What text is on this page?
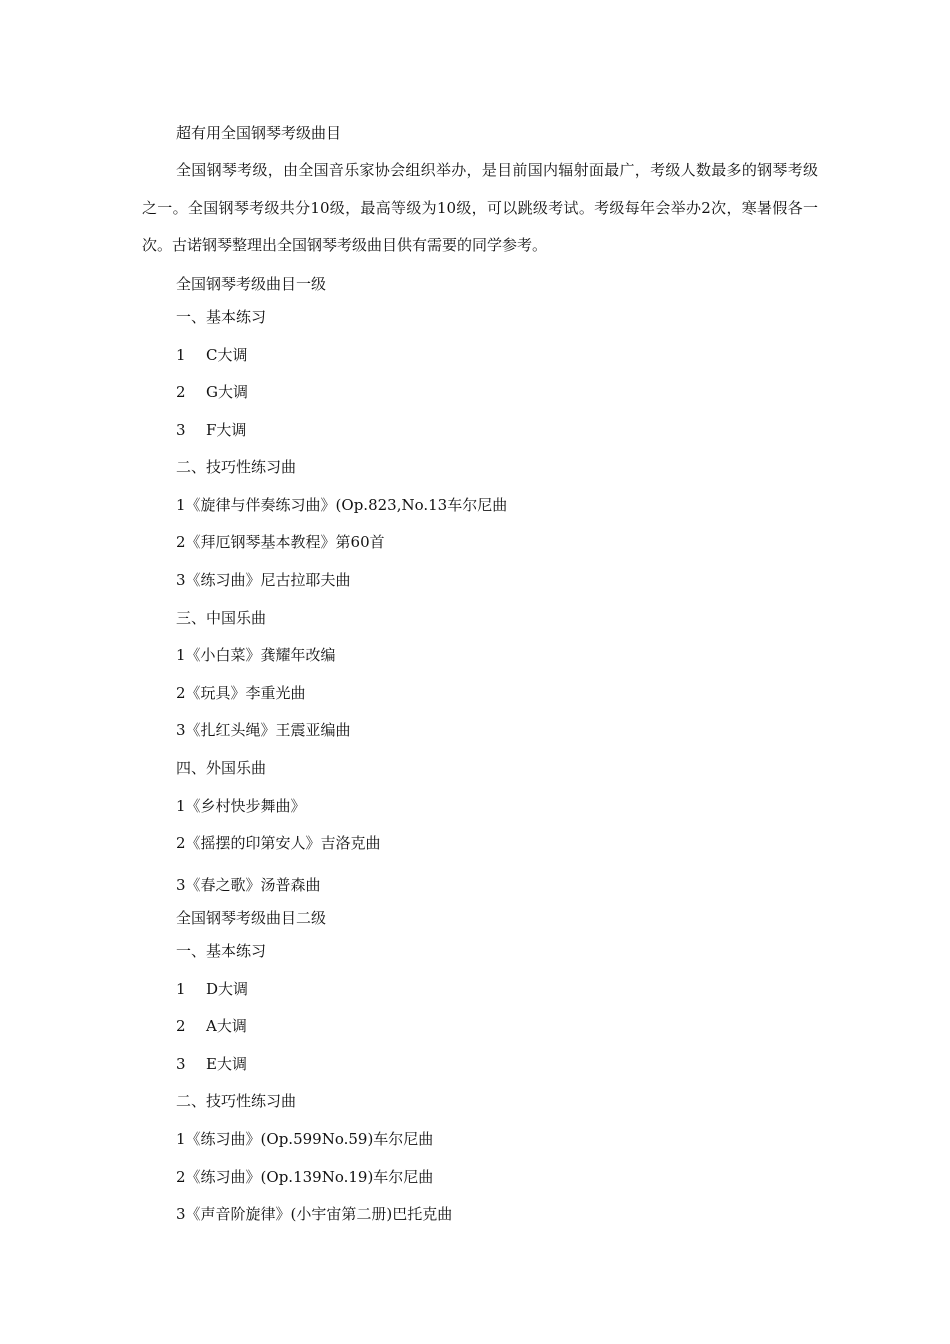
超有用全国钢琴考级曲目
全国钢琴考级，由全国音乐家协会组织举办，是目前国内辐射面最广，考级人数最多的钢琴考级之一。全国钢琴考级共分10级，最高等级为10级，可以跳级考试。考级每年会举办2次，寒暑假各一次。古诺钢琴整理出全国钢琴考级曲目供有需要的同学参考。
全国钢琴考级曲目一级
一、基本练习
1 C大调
2 G大调
3 F大调
二、技巧性练习曲
1《旋律与伴奏练习曲》(Op.823,No.13车尔尼曲
2《拜厄钢琴基本教程》第60首
3《练习曲》尼古拉耶夫曲
三、中国乐曲
1《小白菜》龚耀年改编
2《玩具》李重光曲
3《扎红头绳》王震亚编曲
四、外国乐曲
1《乡村快步舞曲》
2《摇摆的印第安人》吉洛克曲
3《春之歌》汤普森曲
全国钢琴考级曲目二级
一、基本练习
1 D大调
2 A大调
3 E大调
二、技巧性练习曲
1《练习曲》(Op.599No.59)车尔尼曲
2《练习曲》(Op.139No.19)车尔尼曲
3《声音阶旋律》(小宇宙第二册)巴托克曲
